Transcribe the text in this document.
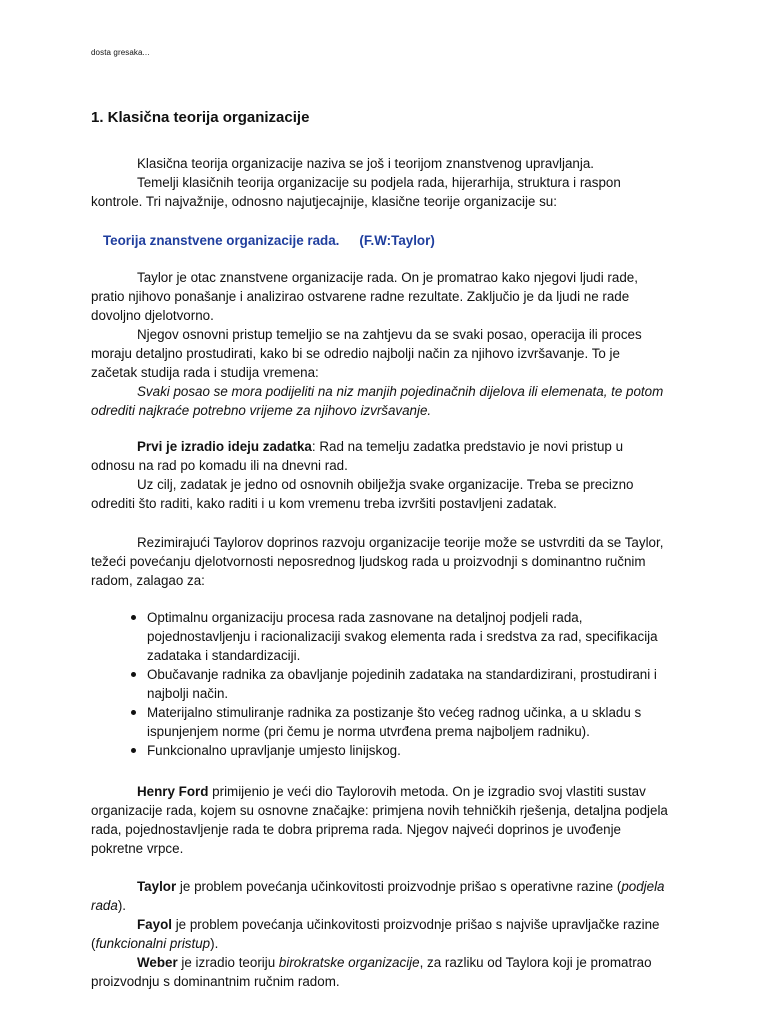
dosta gresaka...
1. Klasična teorija organizacije

Klasična teorija organizacije naziva se još i teorijom znanstvenog upravljanja.

Temelji klasičnih teorija organizacije su podjela rada, hijerarhija, struktura i raspon kontrole. Tri najvažnije, odnosno najutjecajnije, klasične teorije organizacije su:

Teorija znanstvene organizacije rada. (F.W:Taylor)

Taylor je otac znanstvene organizacije rada. On je promatrao kako njegovi ljudi rade, pratio njihovo ponašanje i analizirao ostvarene radne rezultate. Zaključio je da ljudi ne rade dovoljno djelotvorno.

Njegov osnovni pristup temeljio se na zahtjevu da se svaki posao, operacija ili proces moraju detaljno prostudirati, kako bi se odredio najbolji način za njihovo izvršavanje. To je začetak studija rada i studija vremena:

Svaki posao se mora podijeliti na niz manjih pojedinačnih dijelova ili elemenata, te potom odrediti najkraće potrebno vrijeme za njihovo izvršavanje.

Prvi je izradio ideju zadatka: Rad na temelju zadatka predstavio je novi pristup u odnosu na rad po komadu ili na dnevni rad.

Uz cilj, zadatak je jedno od osnovnih obilježja svake organizacije. Treba se precizno odrediti što raditi, kako raditi i u kom vremenu treba izvršiti postavljeni zadatak.

Rezimirajući Taylorov doprinos razvoju organizacije teorije može se ustvrditi da se Taylor, težeći povećanju djelotvornosti neposrednog ljudskog rada u proizvodnji s dominantno ručnim radom, zalagao za:

Optimalnu organizaciju procesa rada zasnovane na detaljnoj podjeli rada, pojednostavljenju i racionalizaciji svakog elementa rada i sredstva za rad, specifikacija zadataka i standardizaciji.
Obučavanje radnika za obavljanje pojedinih zadataka na standardizirani, prostudirani i najbolji način.
Materijalno stimuliranje radnika za postizanje što većeg radnog učinka, a u skladu s ispunjenjem norme (pri čemu je norma utvrđena prema najboljem radniku).
Funkcionalno upravljanje umjesto linijskog.

Henry Ford primijenio je veći dio Taylorovih metoda. On je izgradio svoj vlastiti sustav organizacije rada, kojem su osnovne značajke: primjena novih tehničkih rješenja, detaljna podjela rada, pojednostavljenje rada te dobra priprema rada. Njegov najveći doprinos je uvođenje pokretne vrpce.

Taylor je problem povećanja učinkovitosti proizvodnje prišao s operativne razine (podjela rada).

Fayol je problem povećanja učinkovitosti proizvodnje prišao s najviše upravljačke razine (funkcionalni pristup).

Weber je izradio teoriju birokratske organizacije, za razliku od Taylora koji je promatrao proizvodnju s dominantnim ručnim radom.
